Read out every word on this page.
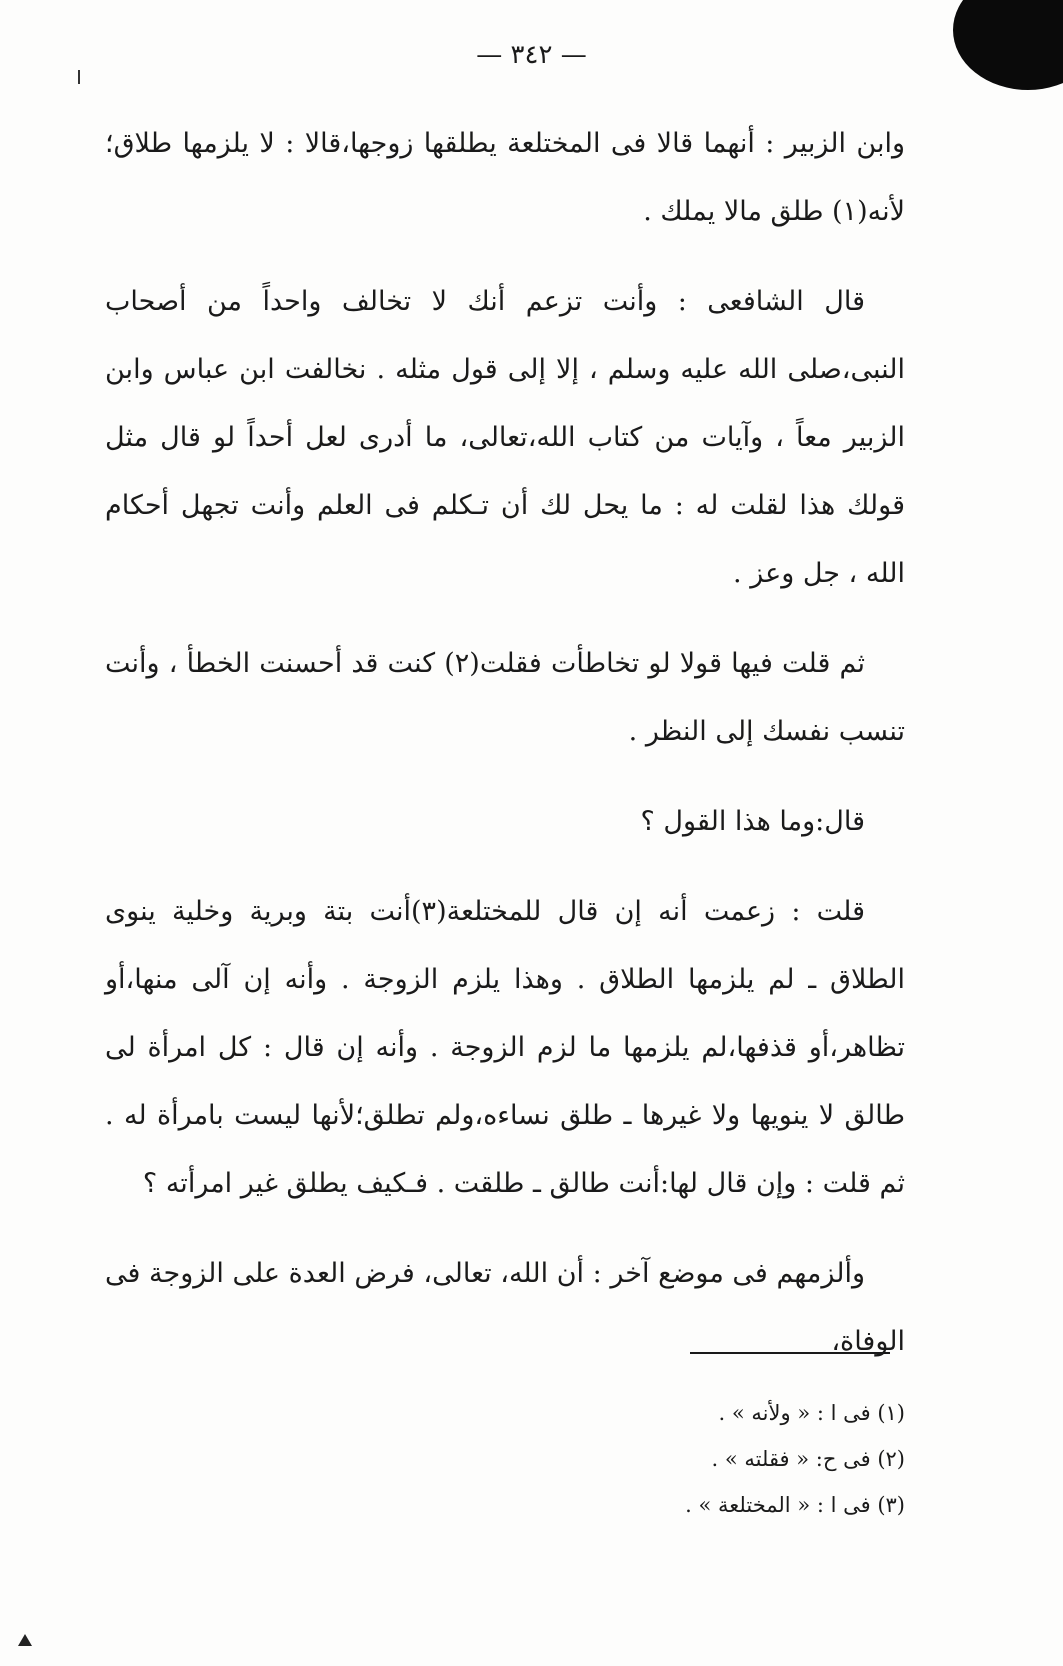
— ٣٤٢ —

وابن الزبير : أنهما قالا فى المختلعة يطلقها زوجها،قالا : لا يلزمها طلاق؛لأنه(١) طلق مالا يملك .

قال الشافعى : وأنت تزعم أنك لا تخالف واحداً من أصحاب النبى،صلى الله عليه وسلم ، إلا إلى قول مثله . نخالفت ابن عباس وابن الزبير معاً ، وآيات من كتاب الله،تعالى، ما أدرى لعل أحداً لو قال مثل قولك هذا لقلت له : ما يحل لك أن تـكلم فى العلم وأنت تجهل أحكام الله ، جل وعز .

ثم قلت فيها قولا لو تخاطأت فقلت(٢) كنت قد أحسنت الخطأ ، وأنت تنسب نفسك إلى النظر .

قال:وما هذا القول ؟

قلت : زعمت أنه إن قال للمختلعة(٣)أنت بتة وبرية وخلية ينوى الطلاق ـ لم يلزمها الطلاق . وهذا يلزم الزوجة . وأنه إن آلى منها،أو تظاهر،أو قذفها،لم يلزمها ما لزم الزوجة . وأنه إن قال : كل امرأة لى طالق لا ينويها ولا غيرها ـ طلق نساءه،ولم تطلق؛لأنها ليست بامرأة له . ثم قلت : وإن قال لها:أنت طالق ـ طلقت . فـكيف يطلق غير امرأته ؟

وألزمهم فى موضع آخر : أن الله، تعالى، فرض العدة على الزوجة فى الوفاة،

(١) فى ا : « ولأنه » .
(٢) فى ح: « فقلته » .
(٣) فى ا : « المختلعة » .
